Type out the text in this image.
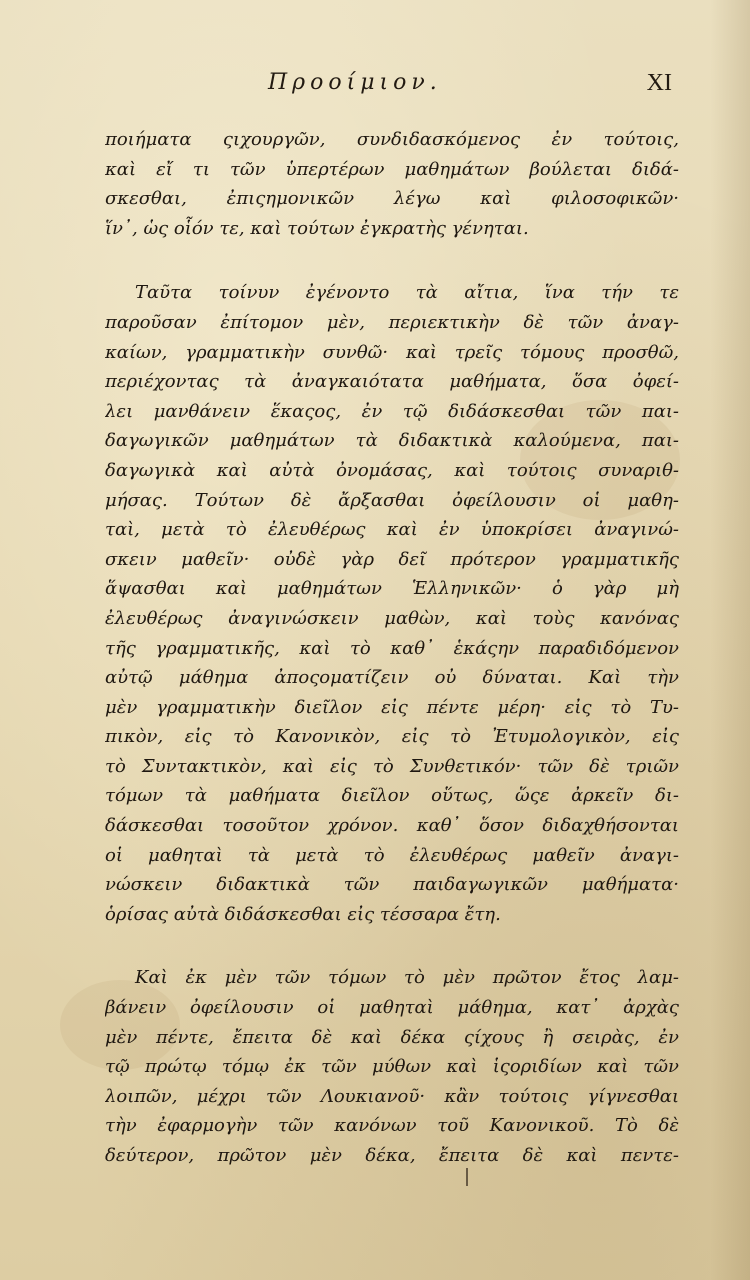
Προοίμιον.	XI
ποιήματα ςιχουργῶν, συνδιδασκόμενος ἐν τούτοις,
καὶ εἴ τι τῶν ὑπερτέρων μαθημάτων βούλεται διδά-
σκεσθαι, ἐπιςημονικῶν λέγω καὶ φιλοσοφικῶν·
ἵν᾽, ὡς οἷόν τε, καὶ τούτων ἐγκρατὴς γένηται.
Ταῦτα τοίνυν ἐγένοντο τὰ αἴτια, ἵνα τήν τε
παροῦσαν ἐπίτομον μὲν, περιεκτικὴν δὲ τῶν ἀναγ-
καίων, γραμματικὴν συνθῶ· καὶ τρεῖς τόμους προσθῶ,
περιέχοντας τὰ ἀναγκαιότατα μαθήματα, ὅσα ὀφεί-
λει μανθάνειν ἕκαςος, ἐν τῷ διδάσκεσθαι τῶν παι-
δαγωγικῶν μαθημάτων τὰ διδακτικὰ καλούμενα, παι-
δαγωγικὰ καὶ αὐτὰ ὀνομάσας, καὶ τούτοις συναριθ-
μήσας. Τούτων δὲ ἄρξασθαι ὀφείλουσιν οἱ μαθη-
ταὶ, μετὰ τὸ ἐλευθέρως καὶ ἐν ὑποκρίσει ἀναγινώ-
σκειν μαθεῖν· οὐδὲ γὰρ δεῖ πρότερον γραμματικῆς
ἅψασθαι καὶ μαθημάτων Ἑλληνικῶν· ὁ γὰρ μὴ
ἐλευθέρως ἀναγινώσκειν μαθὼν, καὶ τοὺς κανόνας
τῆς γραμματικῆς, καὶ τὸ καθ᾽ ἑκάςην παραδιδόμενον
αὐτῷ μάθημα ἀποςοματίζειν οὐ δύναται. Καὶ τὴν
μὲν γραμματικὴν διεῖλον εἰς πέντε μέρη· εἰς τὸ Τυ-
πικὸν, εἰς τὸ Κανονικὸν, εἰς τὸ Ἐτυμολογικὸν, εἰς
τὸ Συντακτικὸν, καὶ εἰς τὸ Συνθετικόν· τῶν δὲ τριῶν
τόμων τὰ μαθήματα διεῖλον οὕτως, ὥςε ἀρκεῖν δι-
δάσκεσθαι τοσοῦτον χρόνον. καθ᾽ ὅσον διδαχθήσονται
οἱ μαθηταὶ τὰ μετὰ τὸ ἐλευθέρως μαθεῖν ἀναγι-
νώσκειν διδακτικὰ τῶν παιδαγωγικῶν μαθήματα·
ὁρίσας αὐτὰ διδάσκεσθαι εἰς τέσσαρα ἔτη.
Καὶ ἐκ μὲν τῶν τόμων τὸ μὲν πρῶτον ἔτος λαμ-
βάνειν ὀφείλουσιν οἱ μαθηταὶ μάθημα, κατ᾽ ἀρχὰς
μὲν πέντε, ἔπειτα δὲ καὶ δέκα ςίχους ἢ σειρὰς, ἐν
τῷ πρώτῳ τόμῳ ἐκ τῶν μύθων καὶ ἱςοριδίων καὶ τῶν
λοιπῶν, μέχρι τῶν Λουκιανοῦ· κἂν τούτοις γίγνεσθαι
τὴν ἐφαρμογὴν τῶν κανόνων τοῦ Κανονικοῦ. Τὸ δὲ
δεύτερον, πρῶτον μὲν δέκα, ἔπειτα δὲ καὶ πεντε-
